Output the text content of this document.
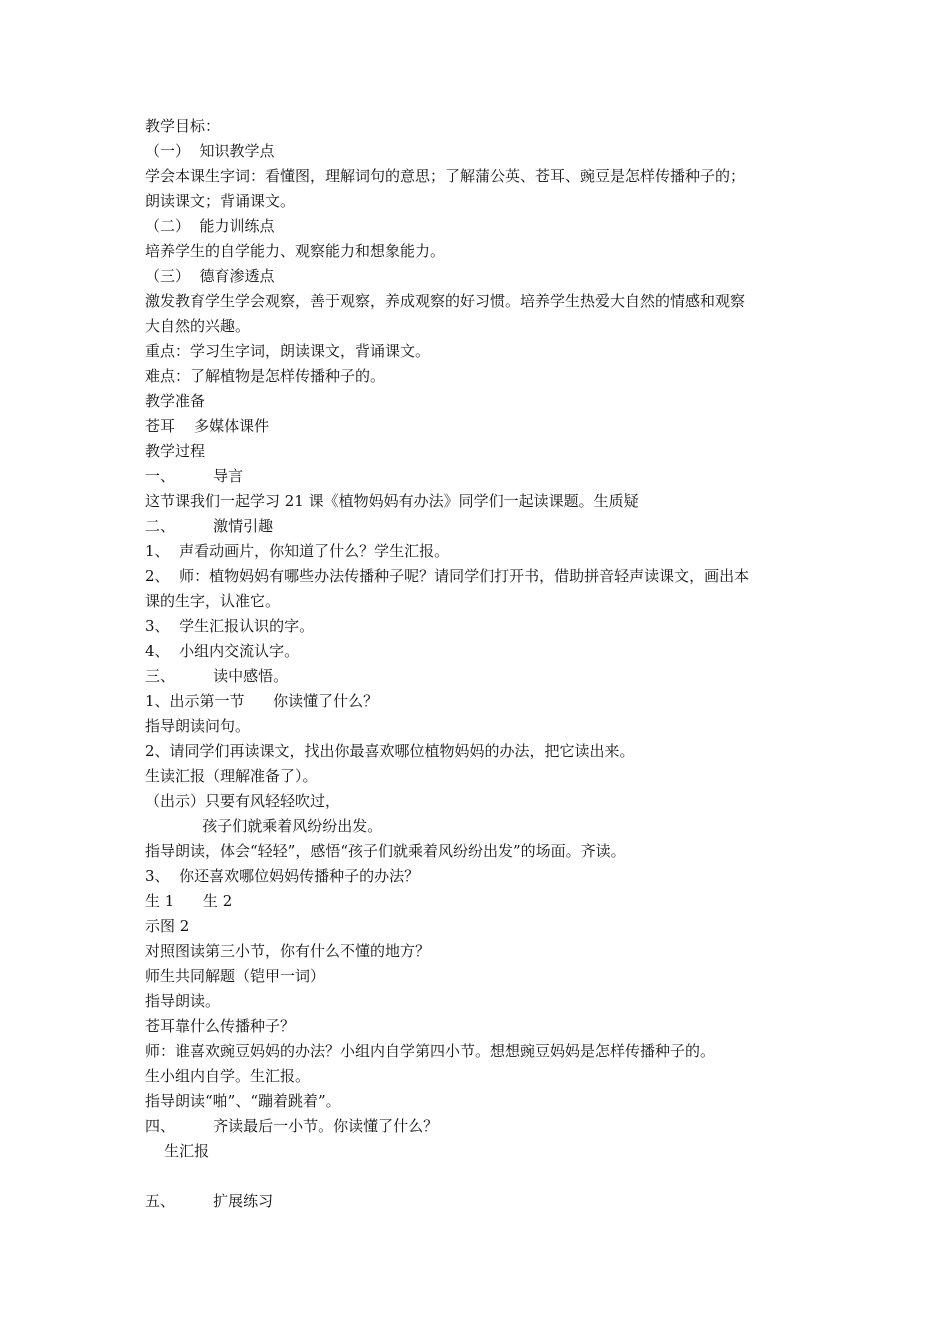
教学目标：
（一）  知识教学点
学会本课生字词：看懂图，理解词句的意思；了解蒲公英、苍耳、豌豆是怎样传播种子的；
朗读课文；背诵课文。
（二）  能力训练点
培养学生的自学能力、观察能力和想象能力。
（三）  德育渗透点
激发教育学生学会观察，善于观察，养成观察的好习惯。培养学生热爱大自然的情感和观察
大自然的兴趣。
重点：学习生字词，朗读课文，背诵课文。
难点：了解植物是怎样传播种子的。
教学准备
苍耳    多媒体课件
教学过程
一、        导言
这节课我们一起学习 21 课《植物妈妈有办法》同学们一起读课题。生质疑
二、        激情引趣
1、  声看动画片，你知道了什么？学生汇报。
2、  师：植物妈妈有哪些办法传播种子呢？请同学们打开书，借助拼音轻声读课文，画出本
课的生字，认准它。
3、  学生汇报认识的字。
4、  小组内交流认字。
三、        读中感悟。
1、出示第一节      你读懂了什么？
指导朗读问句。
2、请同学们再读课文，找出你最喜欢哪位植物妈妈的办法，把它读出来。
生读汇报（理解准备了）。
（出示）只要有风轻轻吹过，
孩子们就乘着风纷纷出发。
指导朗读，体会“轻轻”，感悟“孩子们就乘着风纷纷出发”的场面。齐读。
3、  你还喜欢哪位妈妈传播种子的办法？
生 1      生 2
示图 2
对照图读第三小节，你有什么不懂的地方？
师生共同解题（铠甲一词）
指导朗读。
苍耳靠什么传播种子？
师：谁喜欢豌豆妈妈的办法？小组内自学第四小节。想想豌豆妈妈是怎样传播种子的。
生小组内自学。生汇报。
指导朗读“啪”、“蹦着跳着”。
四、        齐读最后一小节。你读懂了什么？
生汇报
五、        扩展练习
